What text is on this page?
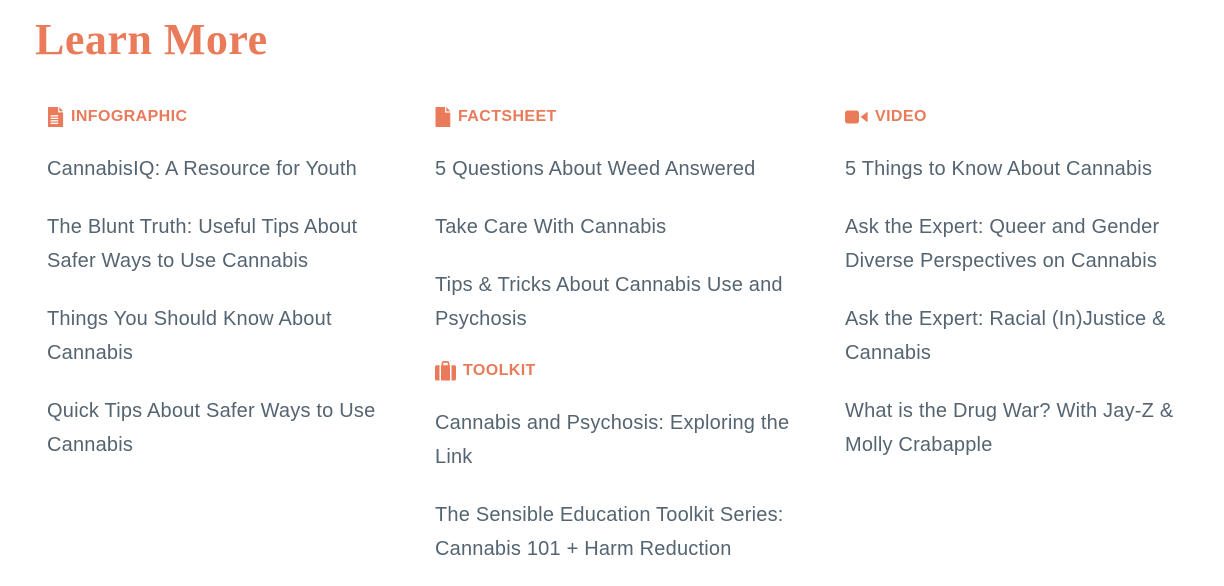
Learn More
INFOGRAPHIC
CannabisIQ: A Resource for Youth
The Blunt Truth: Useful Tips About Safer Ways to Use Cannabis
Things You Should Know About Cannabis
Quick Tips About Safer Ways to Use Cannabis
FACTSHEET
5 Questions About Weed Answered
Take Care With Cannabis
Tips & Tricks About Cannabis Use and Psychosis
TOOLKIT
Cannabis and Psychosis: Exploring the Link
The Sensible Education Toolkit Series: Cannabis 101 + Harm Reduction
VIDEO
5 Things to Know About Cannabis
Ask the Expert: Queer and Gender Diverse Perspectives on Cannabis
Ask the Expert: Racial (In)Justice & Cannabis
What is the Drug War? With Jay-Z & Molly Crabapple
